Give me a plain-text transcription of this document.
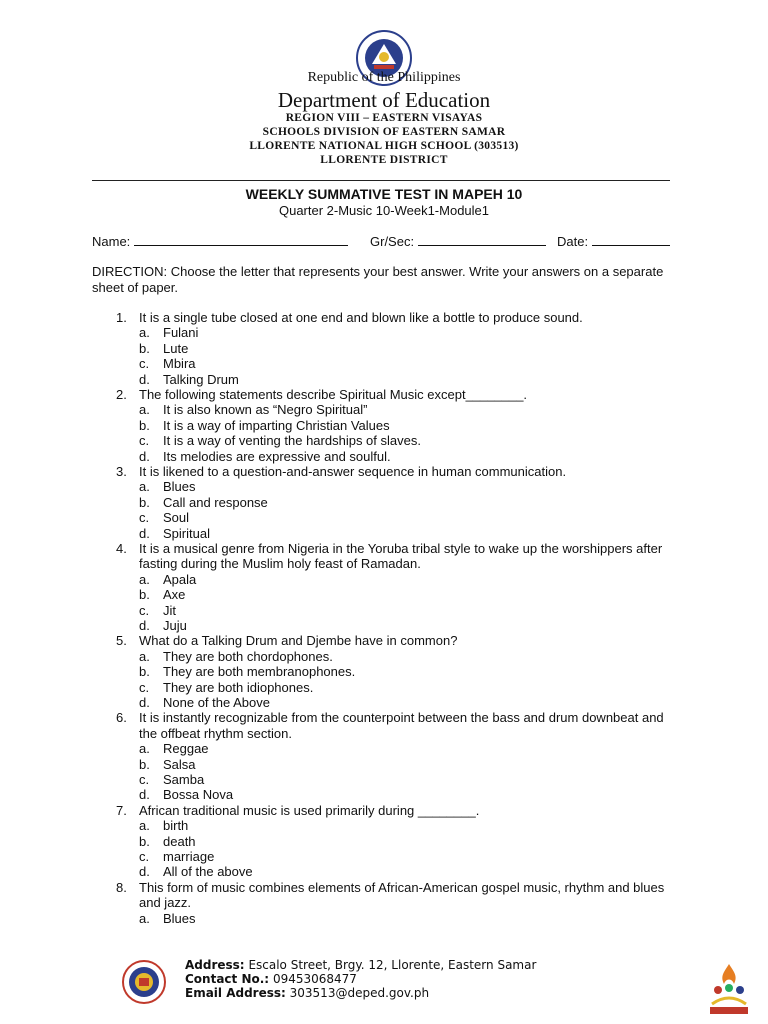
Republic of the Philippines
Department of Education
REGION VIII – EASTERN VISAYAS
SCHOOLS DIVISION OF EASTERN SAMAR
LLORENTE NATIONAL HIGH SCHOOL (303513)
LLORENTE DISTRICT
WEEKLY SUMMATIVE TEST IN MAPEH 10
Quarter 2-Music 10-Week1-Module1
Name:	Gr/Sec:	Date:
DIRECTION: Choose the letter that represents your best answer. Write your answers on a separate sheet of paper.
1. It is a single tube closed at one end and blown like a bottle to produce sound.
a. Fulani
b. Lute
c. Mbira
d. Talking Drum
2. The following statements describe Spiritual Music except________.
a. It is also known as “Negro Spiritual”
b. It is a way of imparting Christian Values
c. It is a way of venting the hardships of slaves.
d. Its melodies are expressive and soulful.
3. It is likened to a question-and-answer sequence in human communication.
a. Blues
b. Call and response
c. Soul
d. Spiritual
4. It is a musical genre from Nigeria in the Yoruba tribal style to wake up the worshippers after fasting during the Muslim holy feast of Ramadan.
a. Apala
b. Axe
c. Jit
d. Juju
5. What do a Talking Drum and Djembe have in common?
a. They are both chordophones.
b. They are both membranophones.
c. They are both idiophones.
d. None of the Above
6. It is instantly recognizable from the counterpoint between the bass and drum downbeat and the offbeat rhythm section.
a. Reggae
b. Salsa
c. Samba
d. Bossa Nova
7. African traditional music is used primarily during ________.
a. birth
b. death
c. marriage
d. All of the above
8. This form of music combines elements of African-American gospel music, rhythm and blues and jazz.
a. Blues
Address: Escalo Street, Brgy. 12, Llorente, Eastern Samar
Contact No.: 09453068477
Email Address: 303513@deped.gov.ph
